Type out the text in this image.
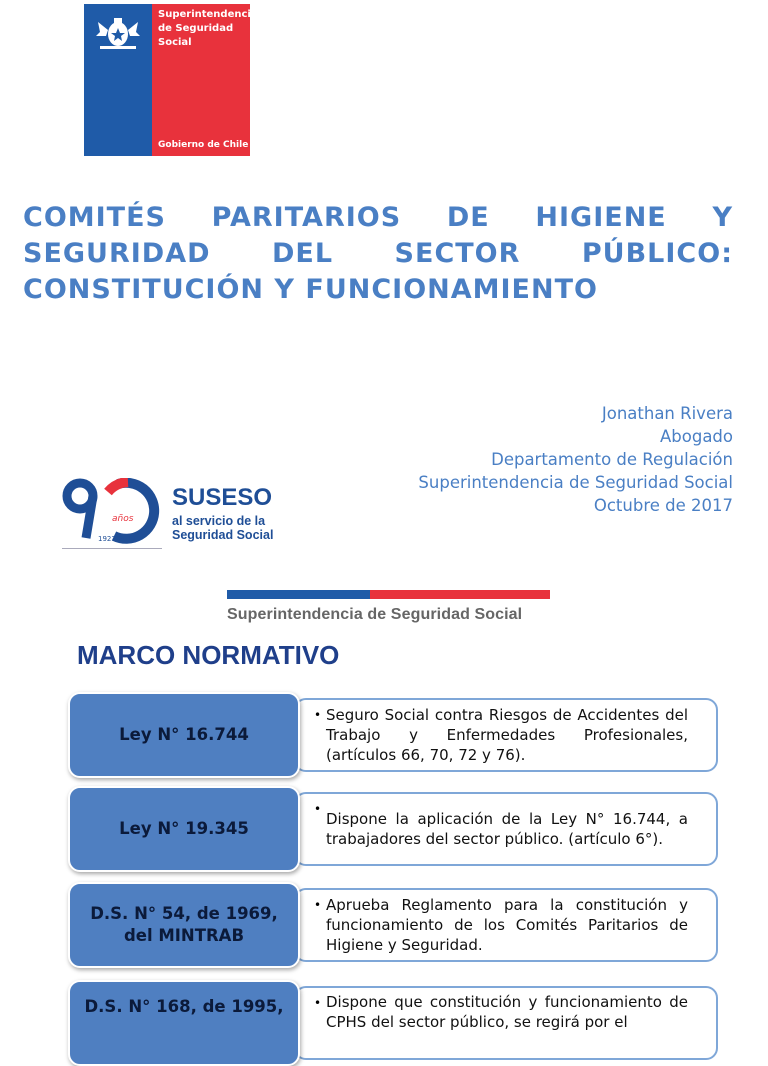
Superintendencia de Seguridad Social
Gobierno de Chile
COMITÉS PARITARIOS DE HIGIENE Y SEGURIDAD DEL SECTOR PÚBLICO: CONSTITUCIÓN Y FUNCIONAMIENTO
Jonathan Rivera
Abogado
Departamento de Regulación
Superintendencia de Seguridad Social
Octubre de 2017
años
1927-2017
SUSESO
al servicio de la
Seguridad Social
Superintendencia de Seguridad Social
MARCO NORMATIVO
Ley N° 16.744
• Seguro Social contra Riesgos de Accidentes del Trabajo y Enfermedades Profesionales, (artículos 66, 70, 72 y 76).
Ley N° 19.345
•
Dispone la aplicación de la Ley N° 16.744, a trabajadores del sector público. (artículo 6°).
D.S. N° 54, de 1969, del MINTRAB
• Aprueba Reglamento para la constitución y funcionamiento de los Comités Paritarios de Higiene y Seguridad.
D.S. N° 168, de 1995,	• Dispone que constitución y funcionamiento de CPHS del sector público, se regirá por el
